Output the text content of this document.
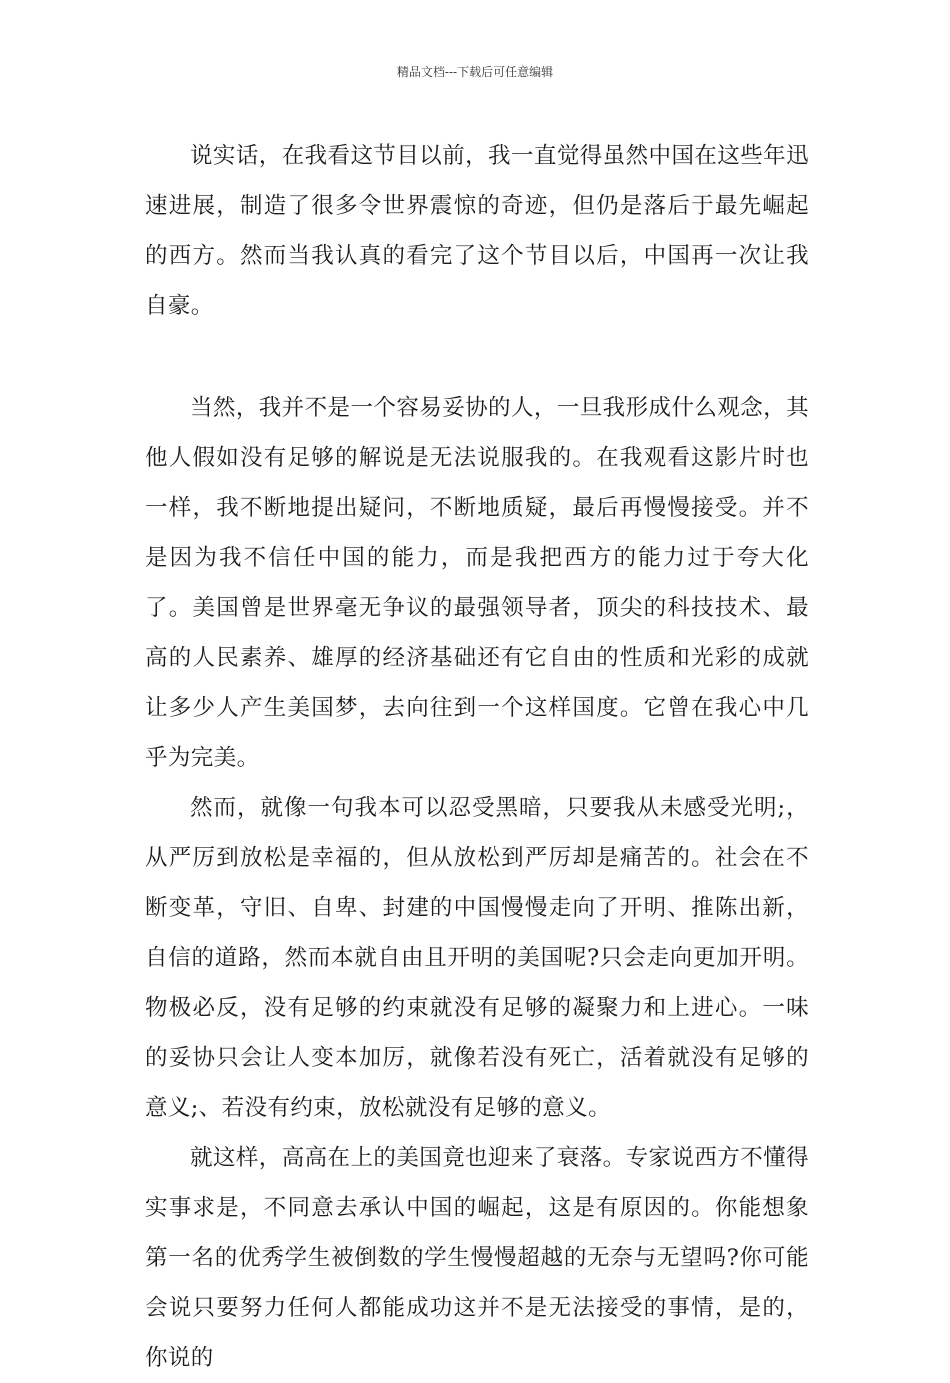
精品文档---下载后可任意编辑

说实话，在我看这节目以前，我一直觉得虽然中国在这些年迅速进展，制造了很多令世界震惊的奇迹，但仍是落后于最先崛起的西方。然而当我认真的看完了这个节目以后，中国再一次让我自豪。

当然，我并不是一个容易妥协的人，一旦我形成什么观念，其他人假如没有足够的解说是无法说服我的。在我观看这影片时也一样，我不断地提出疑问，不断地质疑，最后再慢慢接受。并不是因为我不信任中国的能力，而是我把西方的能力过于夸大化了。美国曾是世界毫无争议的最强领导者，顶尖的科技技术、最高的人民素养、雄厚的经济基础还有它自由的性质和光彩的成就让多少人产生美国梦，去向往到一个这样国度。它曾在我心中几乎为完美。

然而，就像一句我本可以忍受黑暗，只要我从未感受光明;，从严厉到放松是幸福的，但从放松到严厉却是痛苦的。社会在不断变革，守旧、自卑、封建的中国慢慢走向了开明、推陈出新，自信的道路，然而本就自由且开明的美国呢?只会走向更加开明。物极必反，没有足够的约束就没有足够的凝聚力和上进心。一味的妥协只会让人变本加厉，就像若没有死亡，活着就没有足够的意义;、若没有约束，放松就没有足够的意义。

就这样，高高在上的美国竟也迎来了衰落。专家说西方不懂得实事求是，不同意去承认中国的崛起，这是有原因的。你能想象第一名的优秀学生被倒数的学生慢慢超越的无奈与无望吗?你可能会说只要努力任何人都能成功这并不是无法接受的事情，是的，你说的
